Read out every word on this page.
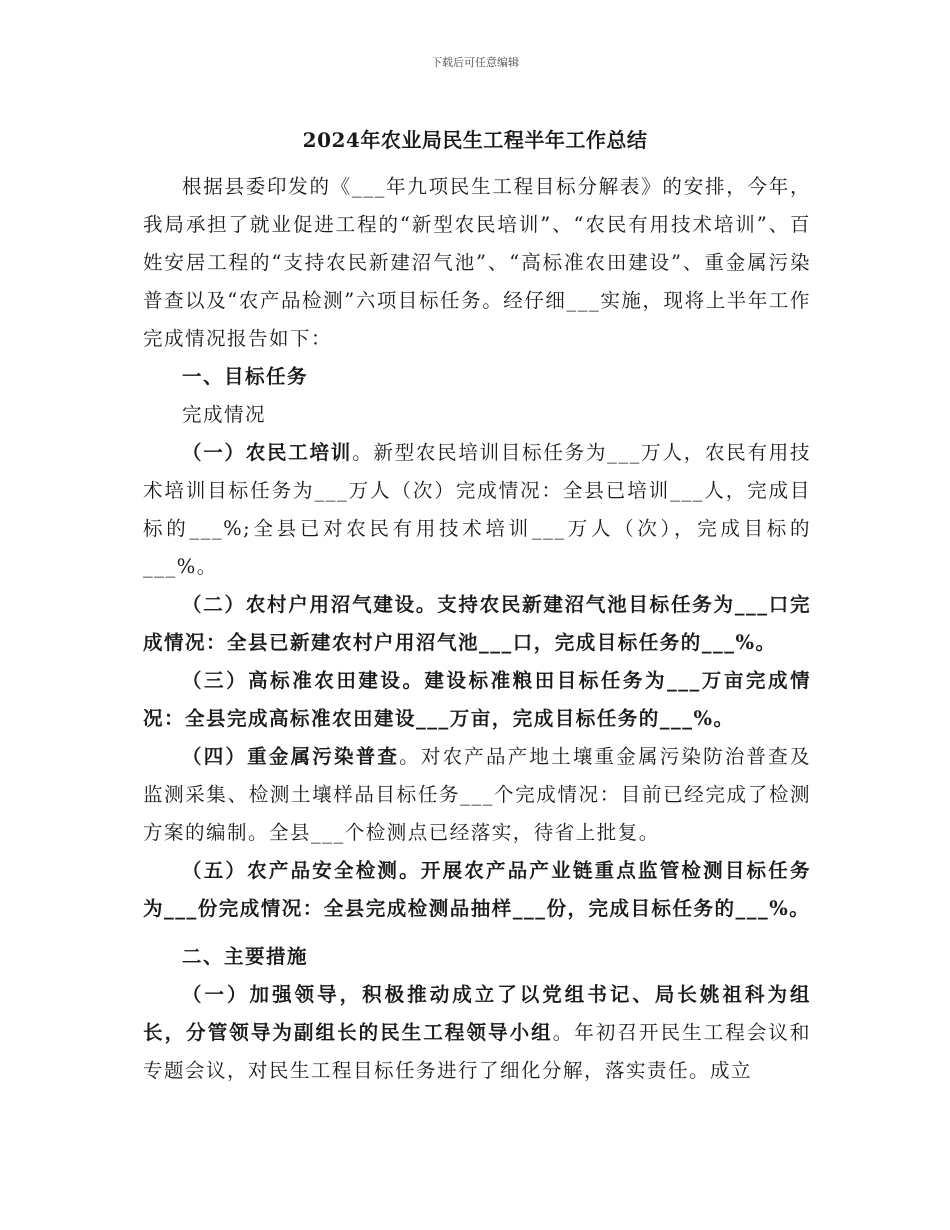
下载后可任意编辑
2024年农业局民生工程半年工作总结

根据县委印发的《___年九项民生工程目标分解表》的安排，今年，我局承担了就业促进工程的“新型农民培训”、“农民有用技术培训”、百姓安居工程的“支持农民新建沼气池”、“高标准农田建设”、重金属污染普查以及“农产品检测”六项目标任务。经仔细___实施，现将上半年工作完成情况报告如下：

一、目标任务

完成情况

（一）农民工培训。新型农民培训目标任务为___万人，农民有用技术培训目标任务为___万人（次）完成情况：全县已培训___人，完成目标的___%;全县已对农民有用技术培训___万人（次），完成目标的___%。

（二）农村户用沼气建设。支持农民新建沼气池目标任务为___口完成情况：全县已新建农村户用沼气池___口，完成目标任务的___%。

（三）高标准农田建设。建设标准粮田目标任务为___万亩完成情况：全县完成高标准农田建设___万亩，完成目标任务的___%。

（四）重金属污染普查。对农产品产地土壤重金属污染防治普查及监测采集、检测土壤样品目标任务___个完成情况：目前已经完成了检测方案的编制。全县___个检测点已经落实，待省上批复。

（五）农产品安全检测。开展农产品产业链重点监管检测目标任务为___份完成情况：全县完成检测品抽样___份，完成目标任务的___%。

二、主要措施

（一）加强领导，积极推动成立了以党组书记、局长姚祖科为组长，分管领导为副组长的民生工程领导小组。年初召开民生工程会议和专题会议，对民生工程目标任务进行了细化分解，落实责任。成立
